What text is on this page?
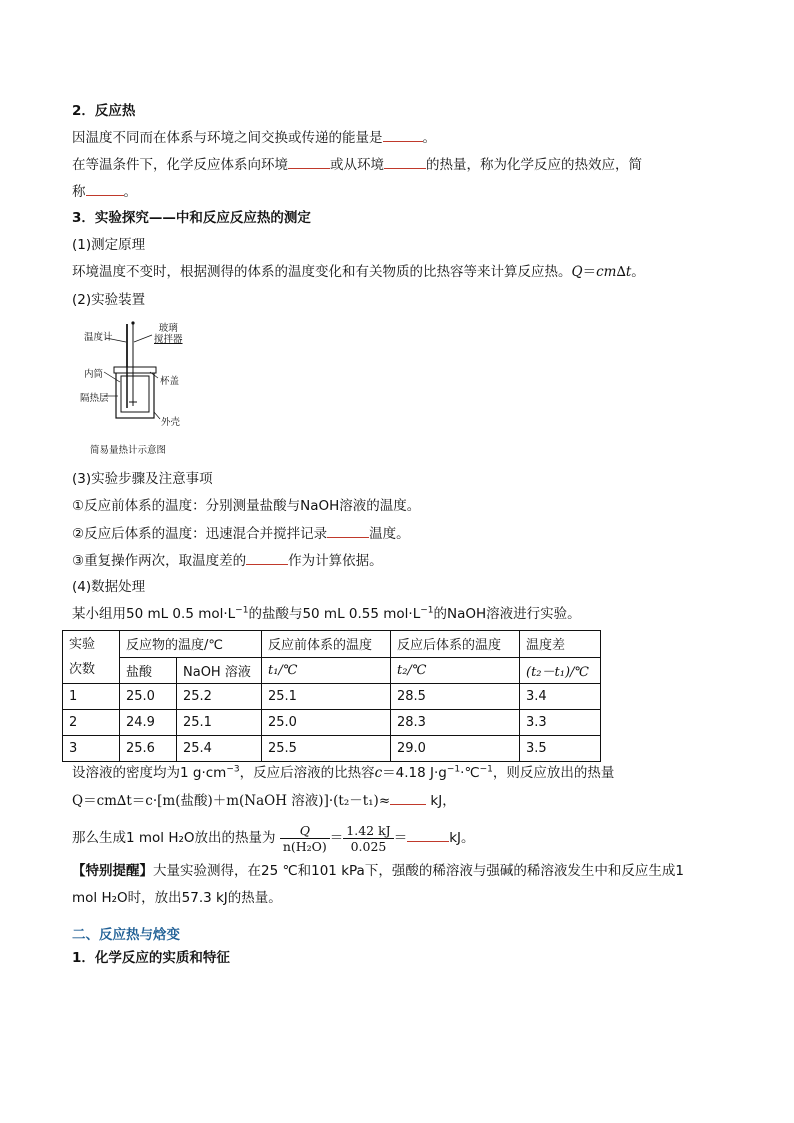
2．反应热
因温度不同而在体系与环境之间交换或传递的能量是	。
在等温条件下，化学反应体系向环境	或从环境	的热量，称为化学反应的热效应，简
称	。
3．实验探究——中和反应反应热的测定
(1)测定原理
环境温度不变时，根据测得的体系的温度变化和有关物质的比热容等来计算反应热。Q＝cm∆t。
(2)实验装置
温度计
玻璃
搅拌器
内筒
杯盖
隔热层
外壳
简易量热计示意图
(3)实验步骤及注意事项
①反应前体系的温度：分别测量盐酸与NaOH溶液的温度。
②反应后体系的温度：迅速混合并搅拌记录	温度。
③重复操作两次，取温度差的	作为计算依据。
(4)数据处理
某小组用50 mL 0.5 $mol\cdot L^{-1}$的盐酸与50 mL 0.55 $mol\cdot L^{-1}$的NaOH溶液进行实验。
实验
次数	反应物的温度/℃		反应前体系的温度	反应后体系的温度	温度差
	盐酸	NaOH 溶液	t₁/℃	t₂/℃	(t₂－t₁)/℃
1	25.0	25.2	25.1	28.5	3.4
2	24.9	25.1	25.0	28.3	3.3
3	25.6	25.4	25.5	29.0	3.5
设溶液的密度均为1 $g\cdot cm^{-3}$，反应后溶液的比热容c＝4.18 $J\cdot g^{-1}\cdot℃^{-1}$，则反应放出的热量
Q＝cm∆t＝c·[m(盐酸)＋m(NaOH 溶液)]·(t₂－t₁)≈	kJ，
那么生成1 mol H₂O放出的热量为 $\frac{Q}{\text{n(H₂O)}} = \frac{1.42 kJ}{0.025}$ ＝	kJ。
【特别提醒】大量实验测得，在25 ℃和101 kPa下，强酸的稀溶液与强碱的稀溶液发生中和反应生成1
mol H₂O时，放出57.3 kJ的热量。
二、反应热与焓变
1．化学反应的实质和特征
